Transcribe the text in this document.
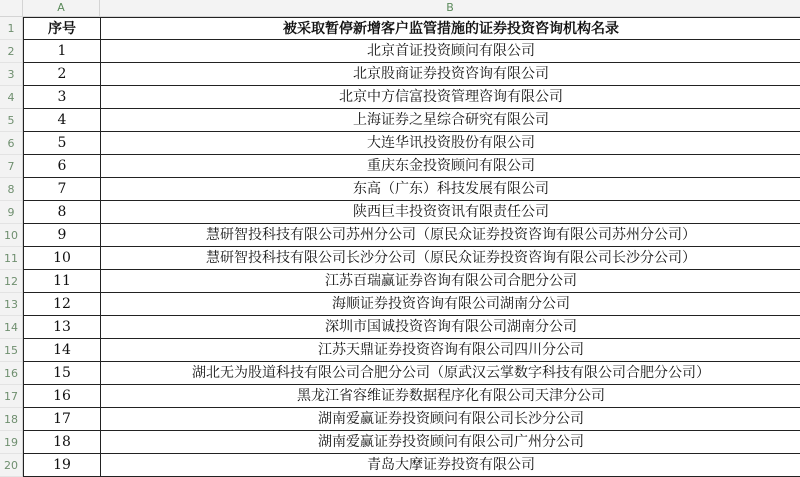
A	B
1
2
3
4
5
6
7
8
9
10
11
12
13
14
15
16
17
18
19
20
序号	被采取暂停新增客户监管措施的证券投资咨询机构名录
1	北京首证投资顾问有限公司
2	北京股商证券投资咨询有限公司
3	北京中方信富投资管理咨询有限公司
4	上海证券之星综合研究有限公司
5	大连华讯投资股份有限公司
6	重庆东金投资顾问有限公司
7	东高（广东）科技发展有限公司
8	陕西巨丰投资资讯有限责任公司
9	慧研智投科技有限公司苏州分公司（原民众证券投资咨询有限公司苏州分公司）
10	慧研智投科技有限公司长沙分公司（原民众证券投资咨询有限公司长沙分公司）
11	江苏百瑞赢证券咨询有限公司合肥分公司
12	海顺证券投资咨询有限公司湖南分公司
13	深圳市国诚投资咨询有限公司湖南分公司
14	江苏天鼎证券投资咨询有限公司四川分公司
15	湖北无为股道科技有限公司合肥分公司（原武汉云掌数字科技有限公司合肥分公司）
16	黑龙江省容维证券数据程序化有限公司天津分公司
17	湖南爱赢证券投资顾问有限公司长沙分公司
18	湖南爱赢证券投资顾问有限公司广州分公司
19	青岛大摩证券投资有限公司
